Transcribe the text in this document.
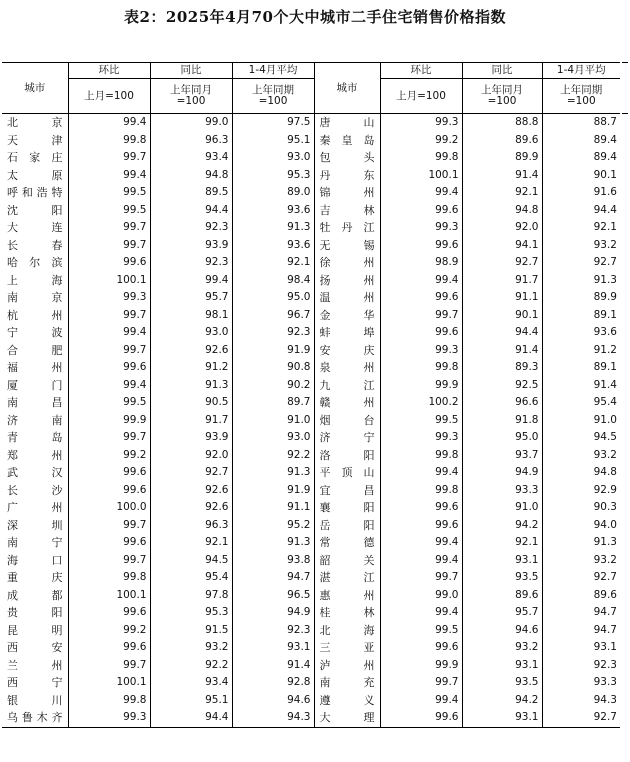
表2：2025年4月70个大中城市二手住宅销售价格指数
城市	环比	同比	1-4月平均	城市	环比	同比	1-4月平均
	上月=100	上年同月=100	上年同期=100		上月=100	上年同月=100	上年同期=100
北　　京	99.4	99.0	97.5	唐　　山	99.3	88.8	88.7
天　　津	99.8	96.3	95.1	秦 皇 岛	99.2	89.6	89.4
石 家 庄	99.7	93.4	93.0	包　　头	99.8	89.9	89.4
太　　原	99.4	94.8	95.3	丹　　东	100.1	91.4	90.1
呼和浩特	99.5	89.5	89.0	锦　　州	99.4	92.1	91.6
沈　　阳	99.5	94.4	93.6	吉　　林	99.6	94.8	94.4
大　　连	99.7	92.3	91.3	牡 丹 江	99.3	92.0	92.1
长　　春	99.7	93.9	93.6	无　　锡	99.6	94.1	93.2
哈 尔 滨	99.6	92.3	92.1	徐　　州	98.9	92.7	92.7
上　　海	100.1	99.4	98.4	扬　　州	99.4	91.7	91.3
南　　京	99.3	95.7	95.0	温　　州	99.6	91.1	89.9
杭　　州	99.7	98.1	96.7	金　　华	99.7	90.1	89.1
宁　　波	99.4	93.0	92.3	蚌　　埠	99.6	94.4	93.6
合　　肥	99.7	92.6	91.9	安　　庆	99.3	91.4	91.2
福　　州	99.6	91.2	90.8	泉　　州	99.8	89.3	89.1
厦　　门	99.4	91.3	90.2	九　　江	99.9	92.5	91.4
南　　昌	99.5	90.5	89.7	赣　　州	100.2	96.6	95.4
济　　南	99.9	91.7	91.0	烟　　台	99.5	91.8	91.0
青　　岛	99.7	93.9	93.0	济　　宁	99.3	95.0	94.5
郑　　州	99.2	92.0	92.2	洛　　阳	99.8	93.7	93.2
武　　汉	99.6	92.7	91.3	平 顶 山	99.4	94.9	94.8
长　　沙	99.6	92.6	91.9	宜　　昌	99.8	93.3	92.9
广　　州	100.0	92.6	91.1	襄　　阳	99.6	91.0	90.3
深　　圳	99.7	96.3	95.2	岳　　阳	99.6	94.2	94.0
南　　宁	99.6	92.1	91.3	常　　德	99.4	92.1	91.3
海　　口	99.7	94.5	93.8	韶　　关	99.4	93.1	93.2
重　　庆	99.8	95.4	94.7	湛　　江	99.7	93.5	92.7
成　　都	100.1	97.8	96.5	惠　　州	99.0	89.6	89.6
贵　　阳	99.6	95.3	94.9	桂　　林	99.4	95.7	94.7
昆　　明	99.2	91.5	92.3	北　　海	99.5	94.6	94.7
西　　安	99.6	93.2	93.1	三　　亚	99.6	93.2	93.1
兰　　州	99.7	92.2	91.4	泸　　州	99.9	93.1	92.3
西　　宁	100.1	93.4	92.8	南　　充	99.7	93.5	93.3
银　　川	99.8	95.1	94.6	遵　　义	99.4	94.2	94.3
乌鲁木齐	99.3	94.4	94.3	大　　理	99.6	93.1	92.7
